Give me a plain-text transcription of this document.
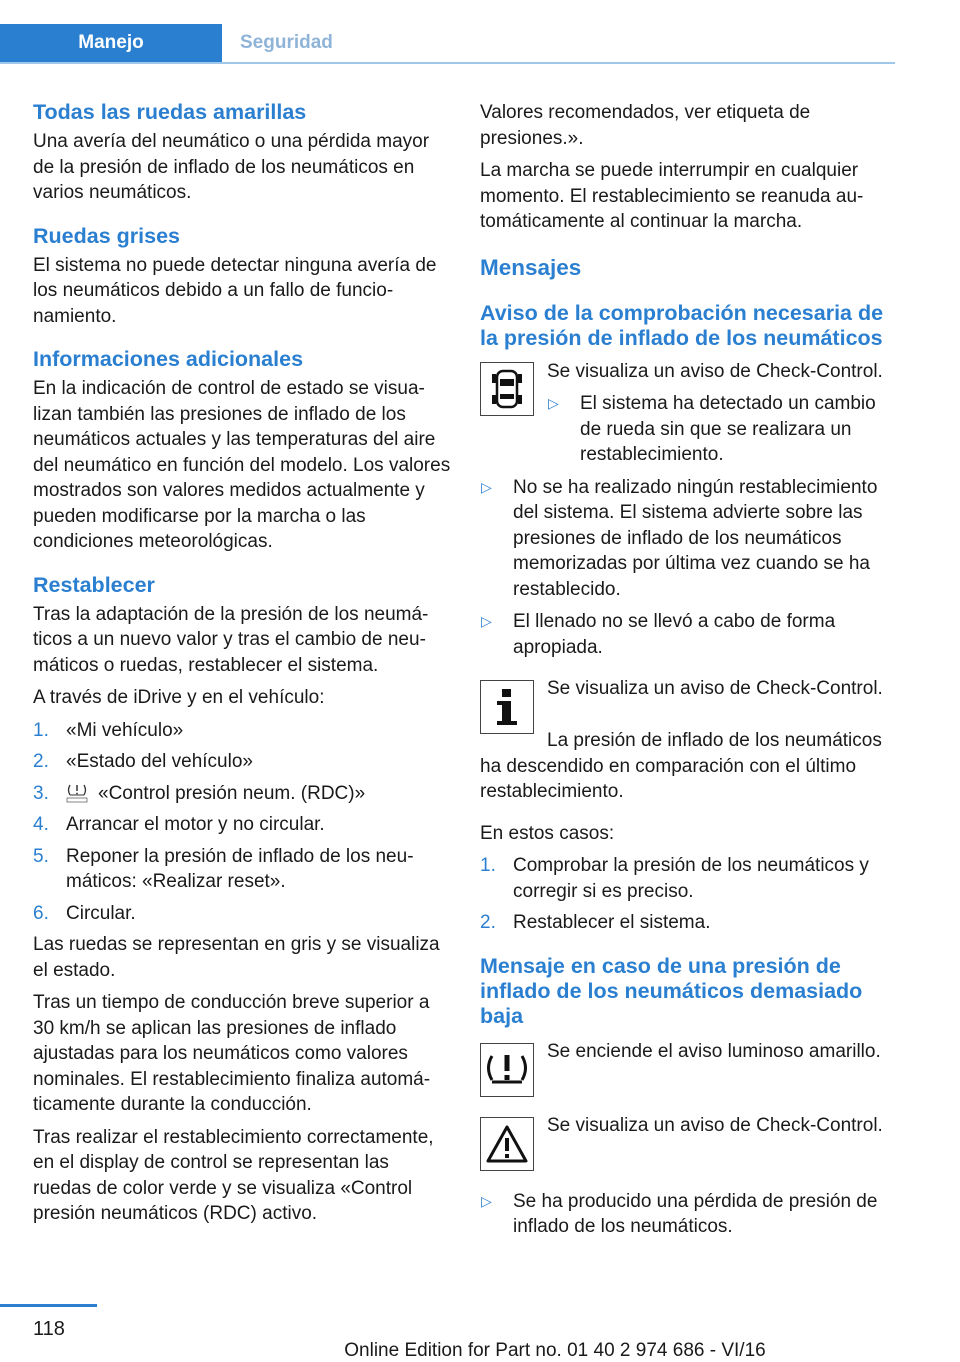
Manejo	Seguridad
Todas las ruedas amarillas

Una avería del neumático o una pérdida mayor de la presión de inflado de los neumáticos en varios neumáticos.

Ruedas grises

El sistema no puede detectar ninguna avería de los neumáticos debido a un fallo de funcionamiento.

Informaciones adicionales

En la indicación de control de estado se visualizan también las presiones de inflado de los neumáticos actuales y las temperaturas del aire del neumático en función del modelo. Los valores mostrados son valores medidos actualmente y pueden modificarse por la marcha o las condiciones meteorológicas.

Restablecer

Tras la adaptación de la presión de los neumáticos a un nuevo valor y tras el cambio de neumáticos o ruedas, restablecer el sistema.

A través de iDrive y en el vehículo:

1. «Mi vehículo»
2. «Estado del vehículo»
3.	«Control presión neum. (RDC)»
4. Arrancar el motor y no circular.
5. Reponer la presión de inflado de los neumáticos: «Realizar reset».
6. Circular.

Las ruedas se representan en gris y se visualiza el estado.

Tras un tiempo de conducción breve superior a 30 km/h se aplican las presiones de inflado ajustadas para los neumáticos como valores nominales. El restablecimiento finaliza automáticamente durante la conducción.

Tras realizar el restablecimiento correctamente, en el display de control se representan las ruedas de color verde y se visualiza «Control presión neumáticos (RDC) activo.

Valores recomendados, ver etiqueta de presiones.».

La marcha se puede interrumpir en cualquier momento. El restablecimiento se reanuda automáticamente al continuar la marcha.

Mensajes
Aviso de la comprobación necesaria de la presión de inflado de los neumáticos

Se visualiza un aviso de Check-Control.

▷ El sistema ha detectado un cambio de rueda sin que se realizara un restablecimiento.
▷ No se ha realizado ningún restablecimiento del sistema. El sistema advierte sobre las presiones de inflado de los neumáticos memorizadas por última vez cuando se ha restablecido.
▷ El llenado no se llevó a cabo de forma apropiada.

Se visualiza un aviso de Check-Control.

La presión de inflado de los neumáticos ha descendido en comparación con el último restablecimiento.

En estos casos:

1. Comprobar la presión de los neumáticos y corregir si es preciso.
2. Restablecer el sistema.
Mensaje en caso de una presión de inflado de los neumáticos demasiado baja

Se enciende el aviso luminoso amarillo.

Se visualiza un aviso de Check-Control.

▷ Se ha producido una pérdida de presión de inflado de los neumáticos.
118
Online Edition for Part no. 01 40 2 974 686 - VI/16
